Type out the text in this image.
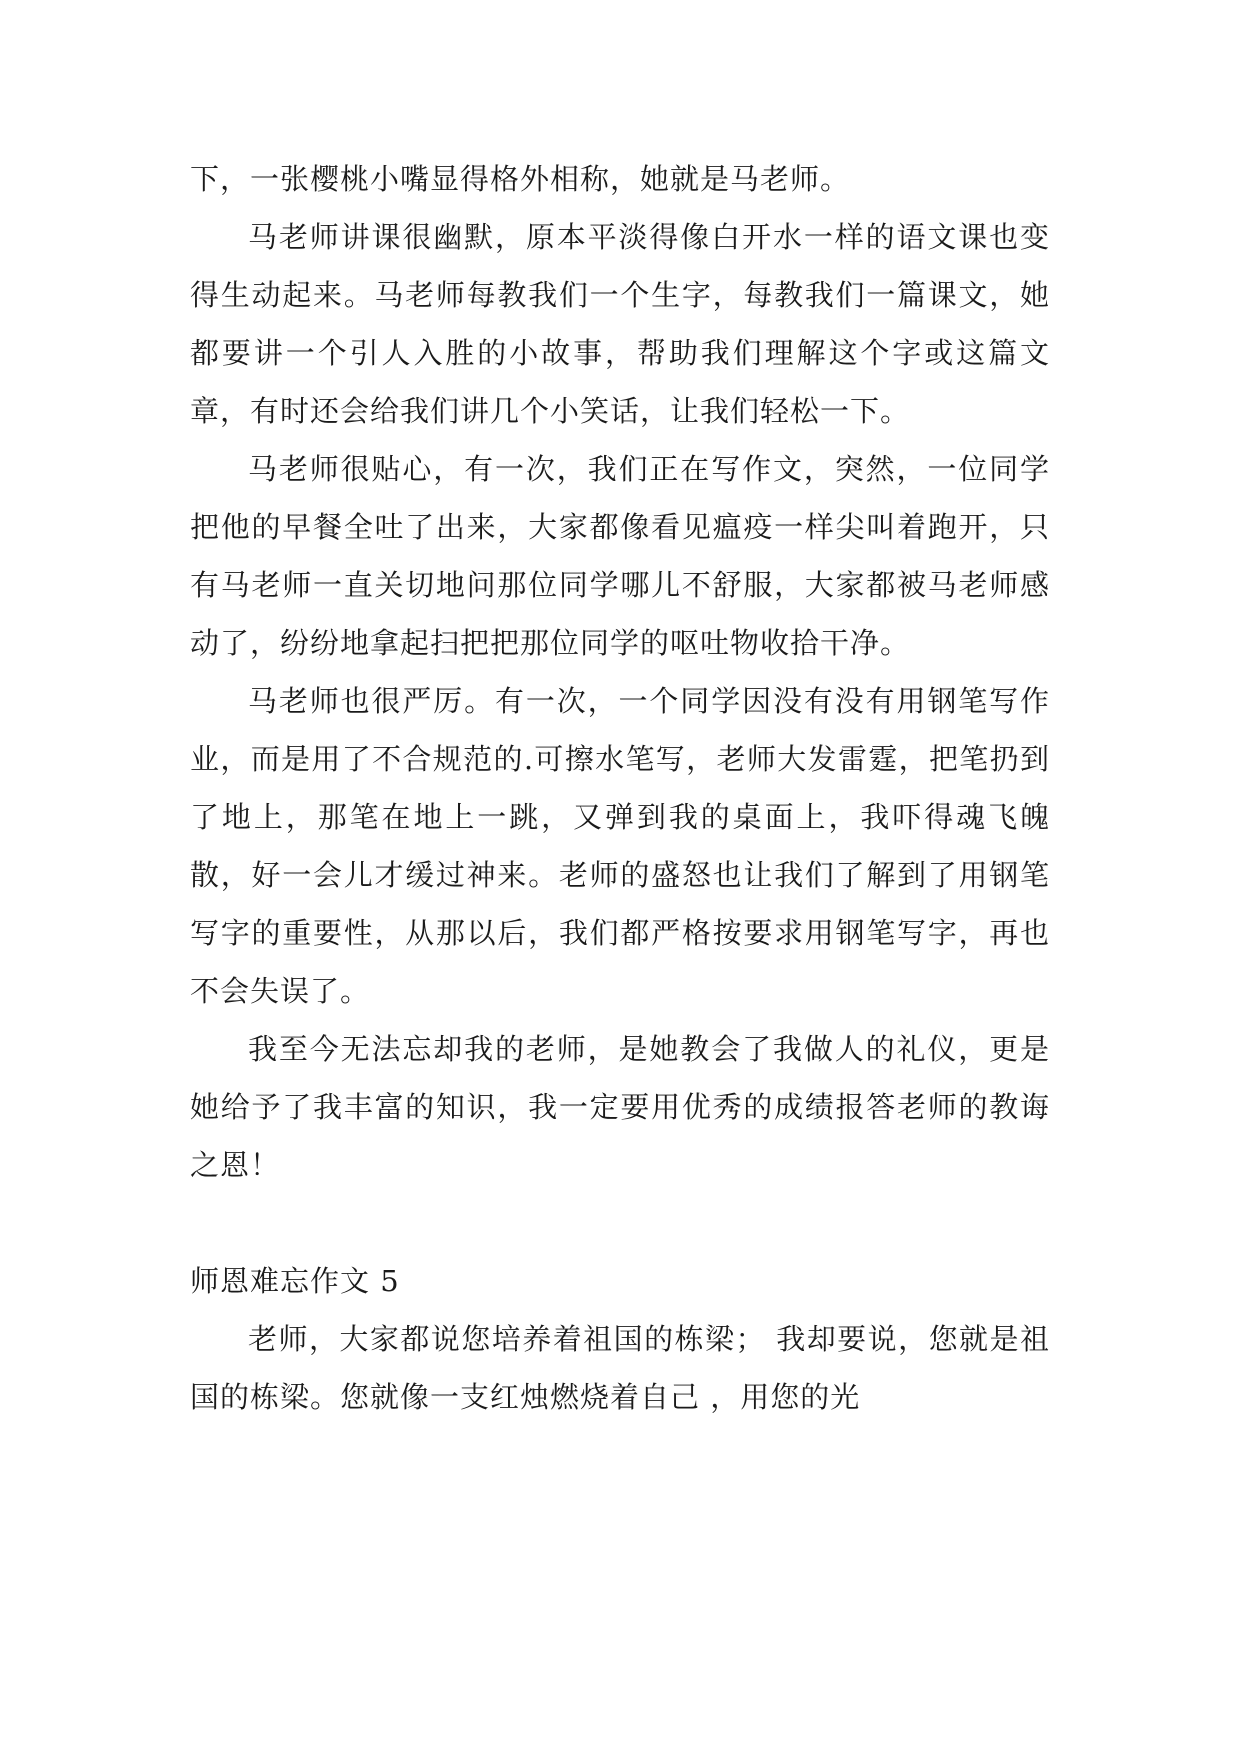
下，一张樱桃小嘴显得格外相称，她就是马老师。

马老师讲课很幽默，原本平淡得像白开水一样的语文课也变得生动起来。马老师每教我们一个生字，每教我们一篇课文，她都要讲一个引人入胜的小故事，帮助我们理解这个字或这篇文章，有时还会给我们讲几个小笑话，让我们轻松一下。

马老师很贴心，有一次，我们正在写作文，突然，一位同学把他的早餐全吐了出来，大家都像看见瘟疫一样尖叫着跑开，只有马老师一直关切地问那位同学哪儿不舒服，大家都被马老师感动了，纷纷地拿起扫把把那位同学的呕吐物收拾干净。

马老师也很严厉。有一次，一个同学因没有没有用钢笔写作业，而是用了不合规范的.可擦水笔写，老师大发雷霆，把笔扔到了地上，那笔在地上一跳，又弹到我的桌面上，我吓得魂飞魄散，好一会儿才缓过神来。老师的盛怒也让我们了解到了用钢笔写字的重要性，从那以后，我们都严格按要求用钢笔写字，再也不会失误了。

我至今无法忘却我的老师，是她教会了我做人的礼仪，更是她给予了我丰富的知识，我一定要用优秀的成绩报答老师的教诲之恩！

师恩难忘作文 5

老师，大家都说您培养着祖国的栋梁； 我却要说，您就是祖国的栋梁。您就像一支红烛燃烧着自己 ，用您的光
